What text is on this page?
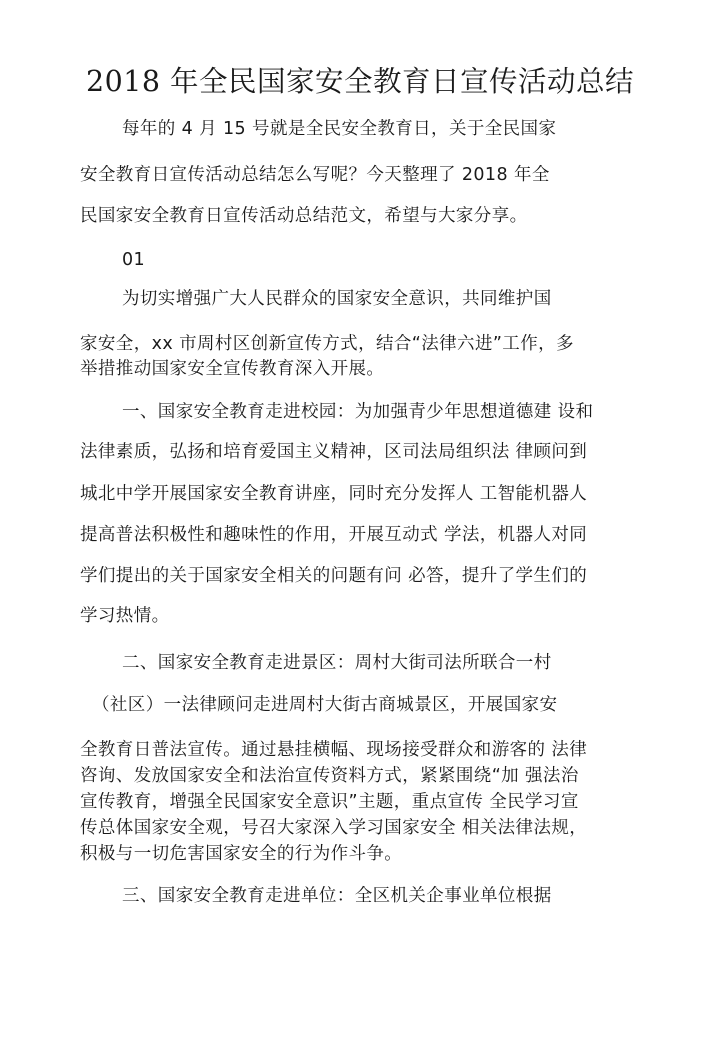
2018 年全民国家安全教育日宣传活动总结
每年的 4 月 15 号就是全民安全教育日，关于全民国家
安全教育日宣传活动总结怎么写呢？今天整理了 2018 年全
民国家安全教育日宣传活动总结范文，希望与大家分享。
01
为切实增强广大人民群众的国家安全意识，共同维护国
家安全，xx 市周村区创新宣传方式，结合“法律六进”工作，多
举措推动国家安全宣传教育深入开展。
一、国家安全教育走进校园：为加强青少年思想道德建 设和
法律素质，弘扬和培育爱国主义精神，区司法局组织法 律顾问到
城北中学开展国家安全教育讲座，同时充分发挥人 工智能机器人
提高普法积极性和趣味性的作用，开展互动式 学法，机器人对同
学们提出的关于国家安全相关的问题有问 必答，提升了学生们的
学习热情。
二、国家安全教育走进景区：周村大街司法所联合一村
（社区）一法律顾问走进周村大街古商城景区，开展国家安
全教育日普法宣传。通过悬挂横幅、现场接受群众和游客的 法律
咨询、发放国家安全和法治宣传资料方式，紧紧围绕“加 强法治
宣传教育，增强全民国家安全意识”主题，重点宣传 全民学习宣
传总体国家安全观，号召大家深入学习国家安全 相关法律法规，
积极与一切危害国家安全的行为作斗争。
三、国家安全教育走进单位：全区机关企事业单位根据
